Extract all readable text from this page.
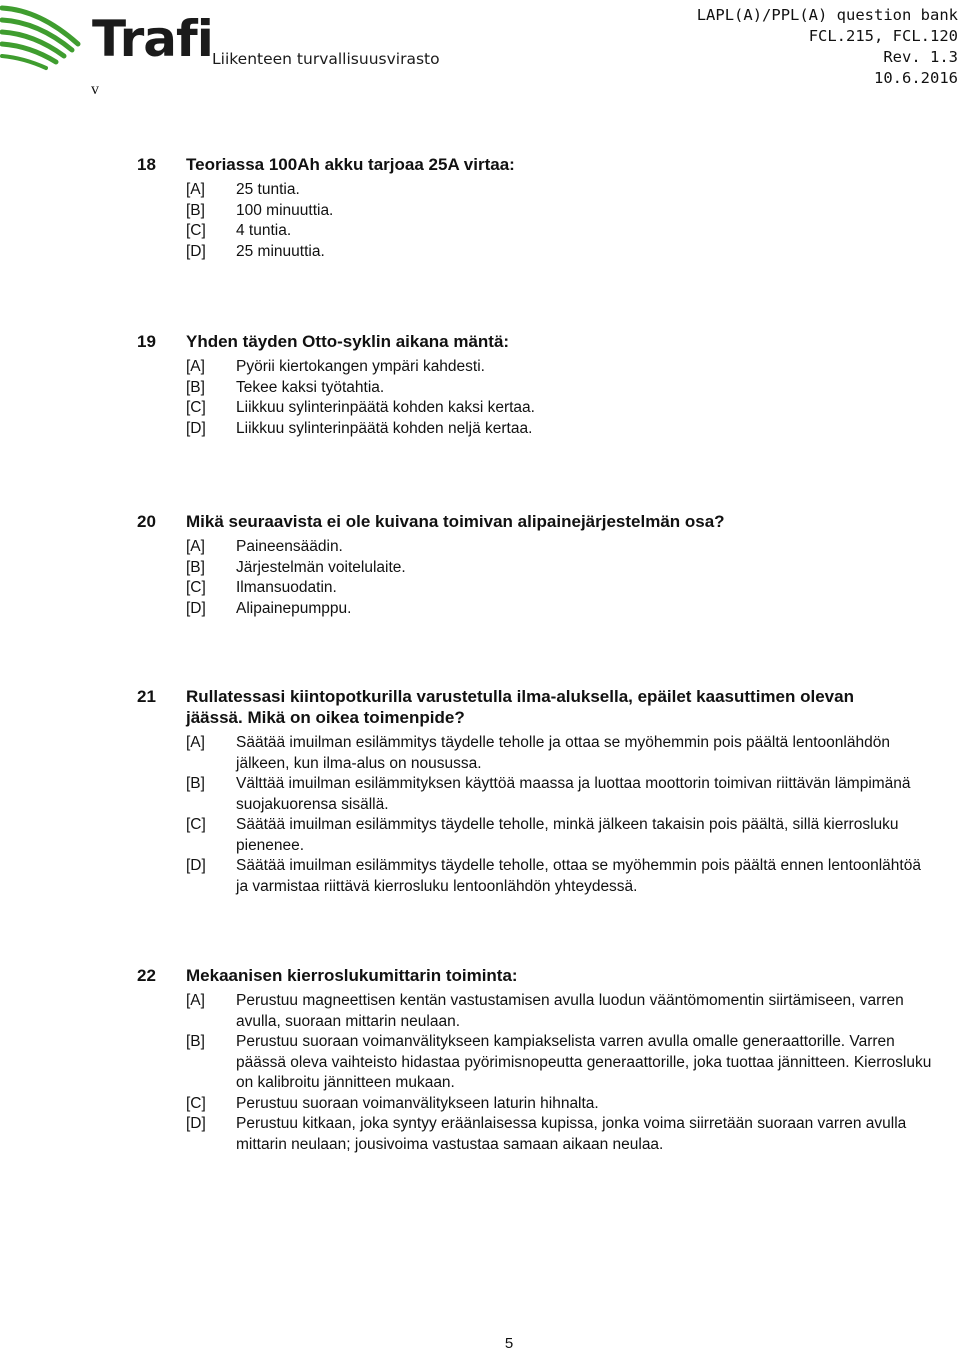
Trafi Liikenteen turvallisuusvirasto
v
LAPL(A)/PPL(A) question bank
FCL.215, FCL.120
Rev. 1.3
10.6.2016
18 Teoriassa 100Ah akku tarjoaa 25A virtaa:
[A] 25 tuntia.
[B] 100 minuuttia.
[C] 4 tuntia.
[D] 25 minuuttia.
19 Yhden täyden Otto-syklin aikana mäntä:
[A] Pyörii kiertokangen ympäri kahdesti.
[B] Tekee kaksi työtahtia.
[C] Liikkuu sylinterinpäätä kohden kaksi kertaa.
[D] Liikkuu sylinterinpäätä kohden neljä kertaa.
20 Mikä seuraavista ei ole kuivana toimivan alipainejärjestelmän osa?
[A] Paineensäädin.
[B] Järjestelmän voitelulaite.
[C] Ilmansuodatin.
[D] Alipainepumppu.
21 Rullatessasi kiintopotkurilla varustetulla ilma-aluksella, epäilet kaasuttimen olevan jäässä. Mikä on oikea toimenpide?
[A] Säätää imuilman esilämmitys täydelle teholle ja ottaa se myöhemmin pois päältä lentoonlähdön jälkeen, kun ilma-alus on nousussa.
[B] Välttää imuilman esilämmityksen käyttöä maassa ja luottaa moottorin toimivan riittävän lämpimänä suojakuorensa sisällä.
[C] Säätää imuilman esilämmitys täydelle teholle, minkä jälkeen takaisin pois päältä, sillä kierrosluku pienenee.
[D] Säätää imuilman esilämmitys täydelle teholle, ottaa se myöhemmin pois päältä ennen lentoonlähtöä ja varmistaa riittävä kierrosluku lentoonlähdön yhteydessä.
22 Mekaanisen kierroslukumittarin toiminta:
[A] Perustuu magneettisen kentän vastustamisen avulla luodun vääntömomentin siirtämiseen, varren avulla, suoraan mittarin neulaan.
[B] Perustuu suoraan voimanvälitykseen kampiakselista varren avulla omalle generaattorille. Varren päässä oleva vaihteisto hidastaa pyörimisnopeutta generaattorille, joka tuottaa jännitteen. Kierrosluku on kalibroitu jännitteen mukaan.
[C] Perustuu suoraan voimanvälitykseen laturin hihnalta.
[D] Perustuu kitkaan, joka syntyy eräänlaisessa kupissa, jonka voima siirretään suoraan varren avulla mittarin neulaan; jousivoima vastustaa samaan aikaan neulaa.
5
